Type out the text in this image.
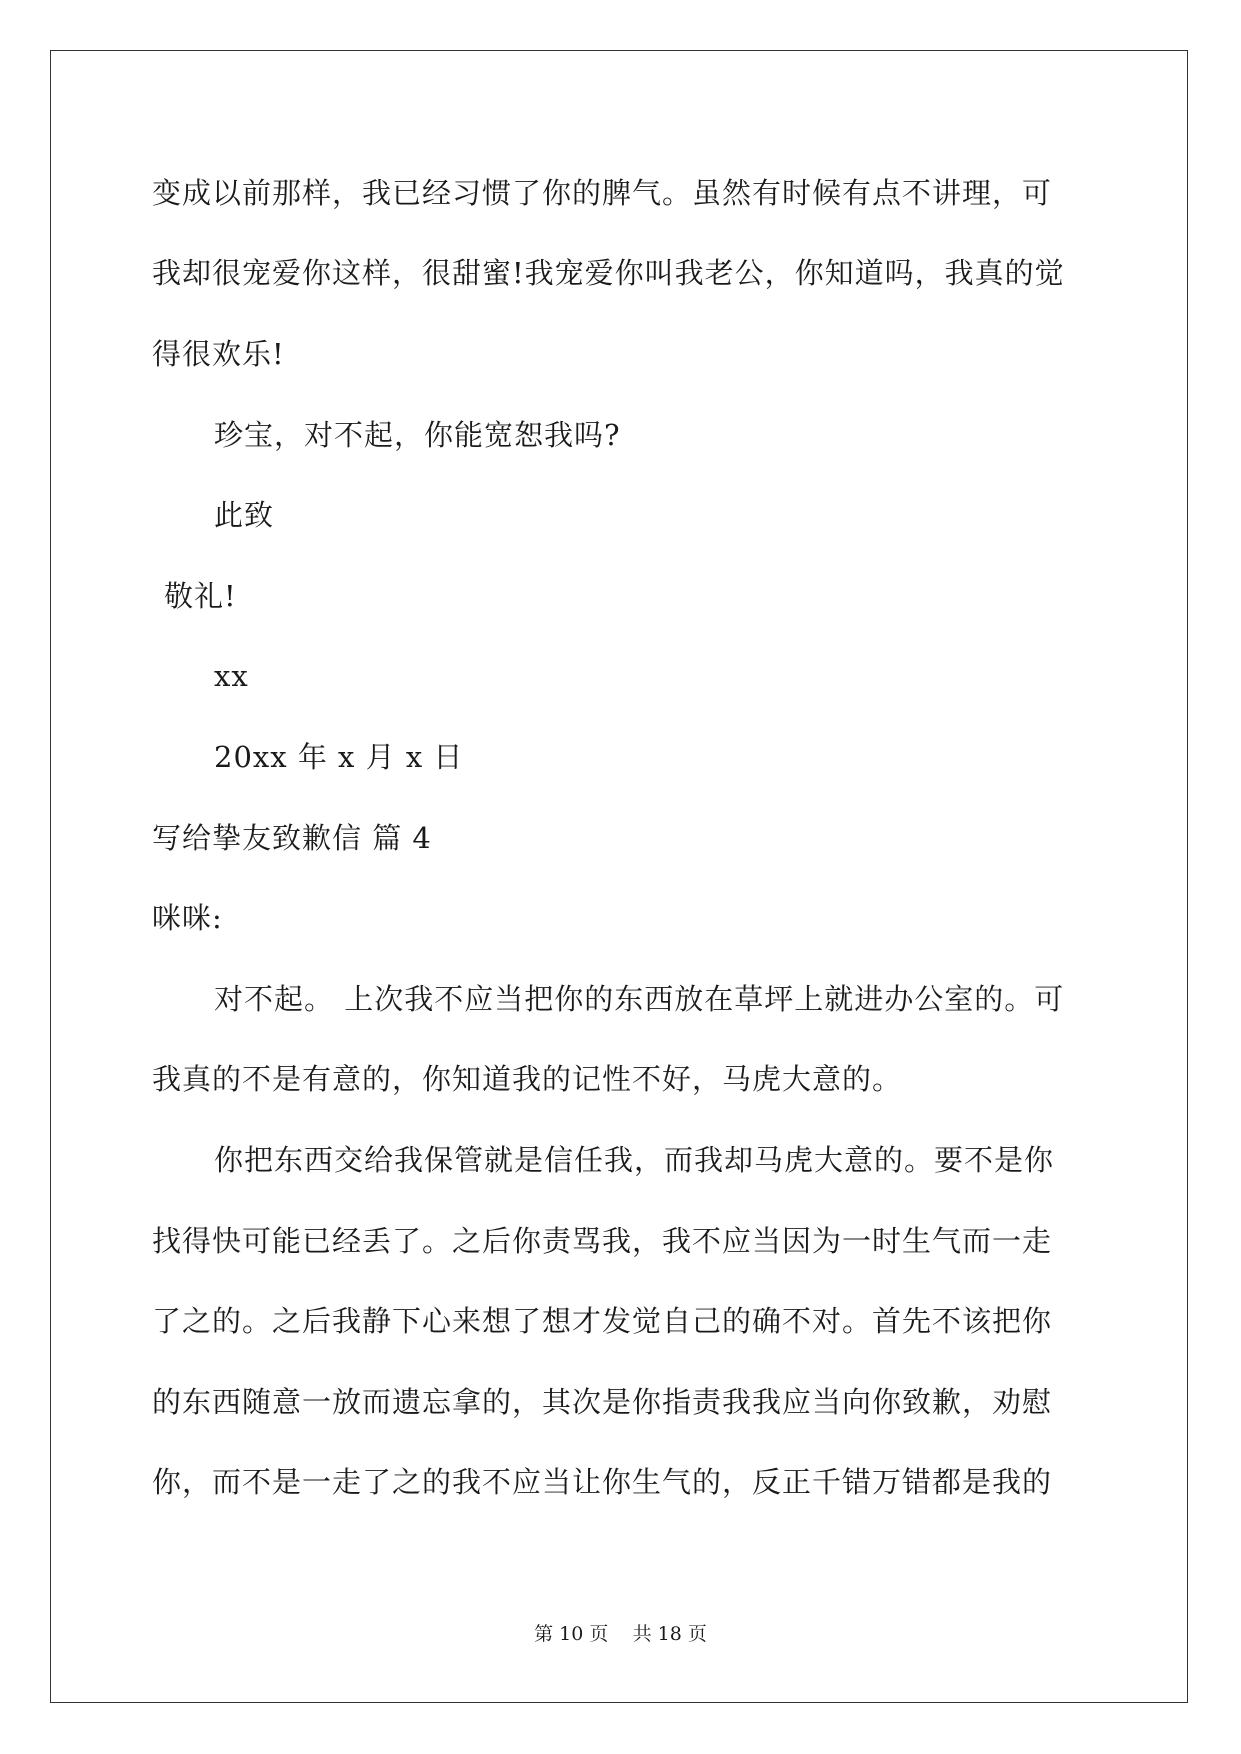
变成以前那样，我已经习惯了你的脾气。虽然有时候有点不讲理，可
我却很宠爱你这样，很甜蜜!我宠爱你叫我老公，你知道吗，我真的觉
得很欢乐!
珍宝，对不起，你能宽恕我吗?
此致
敬礼!
xx
20xx 年 x 月 x 日
写给挚友致歉信 篇 4
咪咪:
对不起。 上次我不应当把你的东西放在草坪上就进办公室的。可
我真的不是有意的，你知道我的记性不好，马虎大意的。
你把东西交给我保管就是信任我，而我却马虎大意的。要不是你
找得快可能已经丢了。之后你责骂我，我不应当因为一时生气而一走
了之的。之后我静下心来想了想才发觉自己的确不对。首先不该把你
的东西随意一放而遗忘拿的，其次是你指责我我应当向你致歉，劝慰
你，而不是一走了之的我不应当让你生气的，反正千错万错都是我的
第 10 页 共 18 页
